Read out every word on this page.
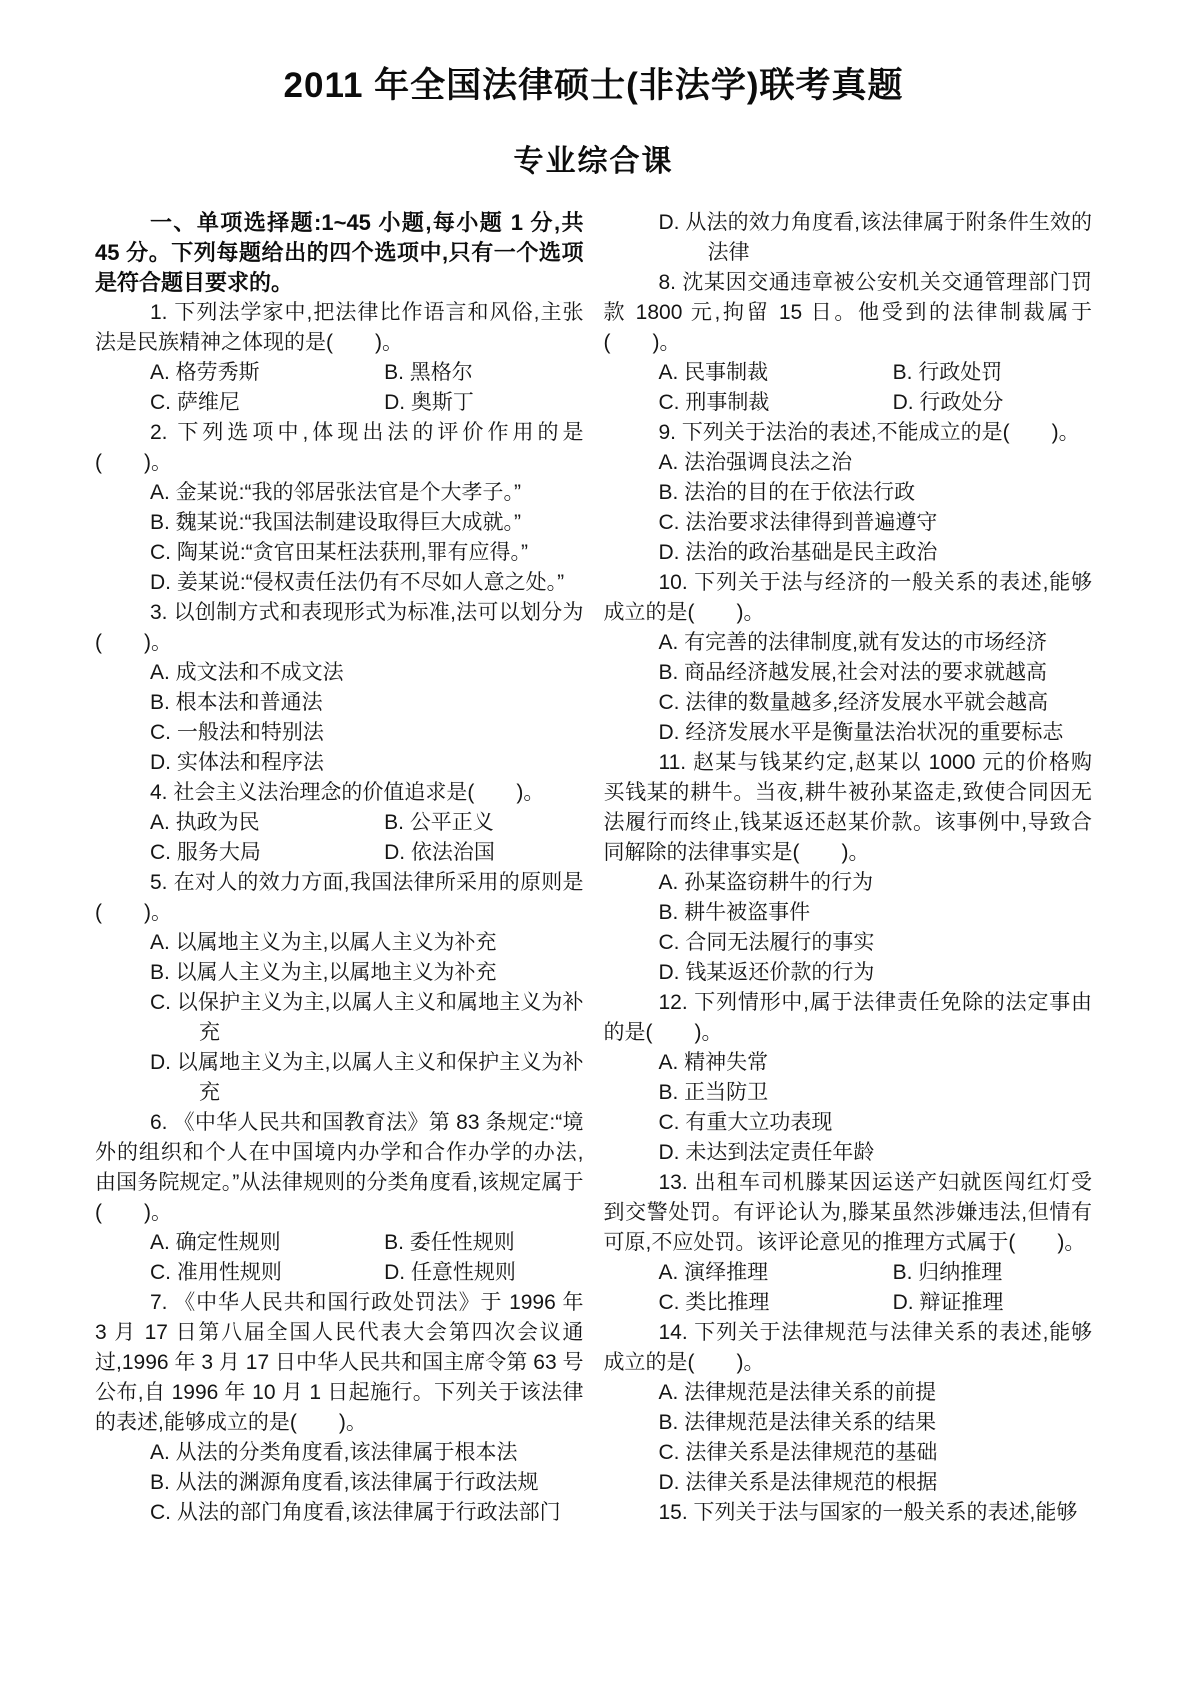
2011 年全国法律硕士(非法学)联考真题
专业综合课

一、单项选择题:1~45 小题,每小题 1 分,共 45 分。下列每题给出的四个选项中,只有一个选项是符合题目要求的。

1. 下列法学家中,把法律比作语言和风俗,主张法是民族精神之体现的是(　　)。

A. 格劳秀斯	B. 黑格尔

C. 萨维尼	D. 奥斯丁

2. 下列选项中,体现出法的评价作用的是(　　)。

A. 金某说:“我的邻居张法官是个大孝子。”

B. 魏某说:“我国法制建设取得巨大成就。”

C. 陶某说:“贪官田某枉法获刑,罪有应得。”

D. 姜某说:“侵权责任法仍有不尽如人意之处。”

3. 以创制方式和表现形式为标准,法可以划分为(　　)。

A. 成文法和不成文法

B. 根本法和普通法

C. 一般法和特别法

D. 实体法和程序法

4. 社会主义法治理念的价值追求是(　　)。

A. 执政为民	B. 公平正义

C. 服务大局	D. 依法治国

5. 在对人的效力方面,我国法律所采用的原则是(　　)。

A. 以属地主义为主,以属人主义为补充

B. 以属人主义为主,以属地主义为补充

C. 以保护主义为主,以属人主义和属地主义为补充

D. 以属地主义为主,以属人主义和保护主义为补充

6. 《中华人民共和国教育法》第 83 条规定:“境外的组织和个人在中国境内办学和合作办学的办法,由国务院规定。”从法律规则的分类角度看,该规定属于(　　)。

A. 确定性规则	B. 委任性规则

C. 准用性规则	D. 任意性规则

7. 《中华人民共和国行政处罚法》于 1996 年 3 月 17 日第八届全国人民代表大会第四次会议通过,1996 年 3 月 17 日中华人民共和国主席令第 63 号公布,自 1996 年 10 月 1 日起施行。下列关于该法律的表述,能够成立的是(　　)。

A. 从法的分类角度看,该法律属于根本法

B. 从法的渊源角度看,该法律属于行政法规

C. 从法的部门角度看,该法律属于行政法部门

D. 从法的效力角度看,该法律属于附条件生效的法律

8. 沈某因交通违章被公安机关交通管理部门罚款 1800 元,拘留 15 日。他受到的法律制裁属于(　　)。

A. 民事制裁	B. 行政处罚

C. 刑事制裁	D. 行政处分

9. 下列关于法治的表述,不能成立的是(　　)。

A. 法治强调良法之治

B. 法治的目的在于依法行政

C. 法治要求法律得到普遍遵守

D. 法治的政治基础是民主政治

10. 下列关于法与经济的一般关系的表述,能够成立的是(　　)。

A. 有完善的法律制度,就有发达的市场经济

B. 商品经济越发展,社会对法的要求就越高

C. 法律的数量越多,经济发展水平就会越高

D. 经济发展水平是衡量法治状况的重要标志

11. 赵某与钱某约定,赵某以 1000 元的价格购买钱某的耕牛。当夜,耕牛被孙某盗走,致使合同因无法履行而终止,钱某返还赵某价款。该事例中,导致合同解除的法律事实是(　　)。

A. 孙某盗窃耕牛的行为

B. 耕牛被盗事件

C. 合同无法履行的事实

D. 钱某返还价款的行为

12. 下列情形中,属于法律责任免除的法定事由的是(　　)。

A. 精神失常

B. 正当防卫

C. 有重大立功表现

D. 未达到法定责任年龄

13. 出租车司机滕某因运送产妇就医闯红灯受到交警处罚。有评论认为,滕某虽然涉嫌违法,但情有可原,不应处罚。该评论意见的推理方式属于(　　)。

A. 演绎推理	B. 归纳推理

C. 类比推理	D. 辩证推理

14. 下列关于法律规范与法律关系的表述,能够成立的是(　　)。

A. 法律规范是法律关系的前提

B. 法律规范是法律关系的结果

C. 法律关系是法律规范的基础

D. 法律关系是法律规范的根据

15. 下列关于法与国家的一般关系的表述,能够
